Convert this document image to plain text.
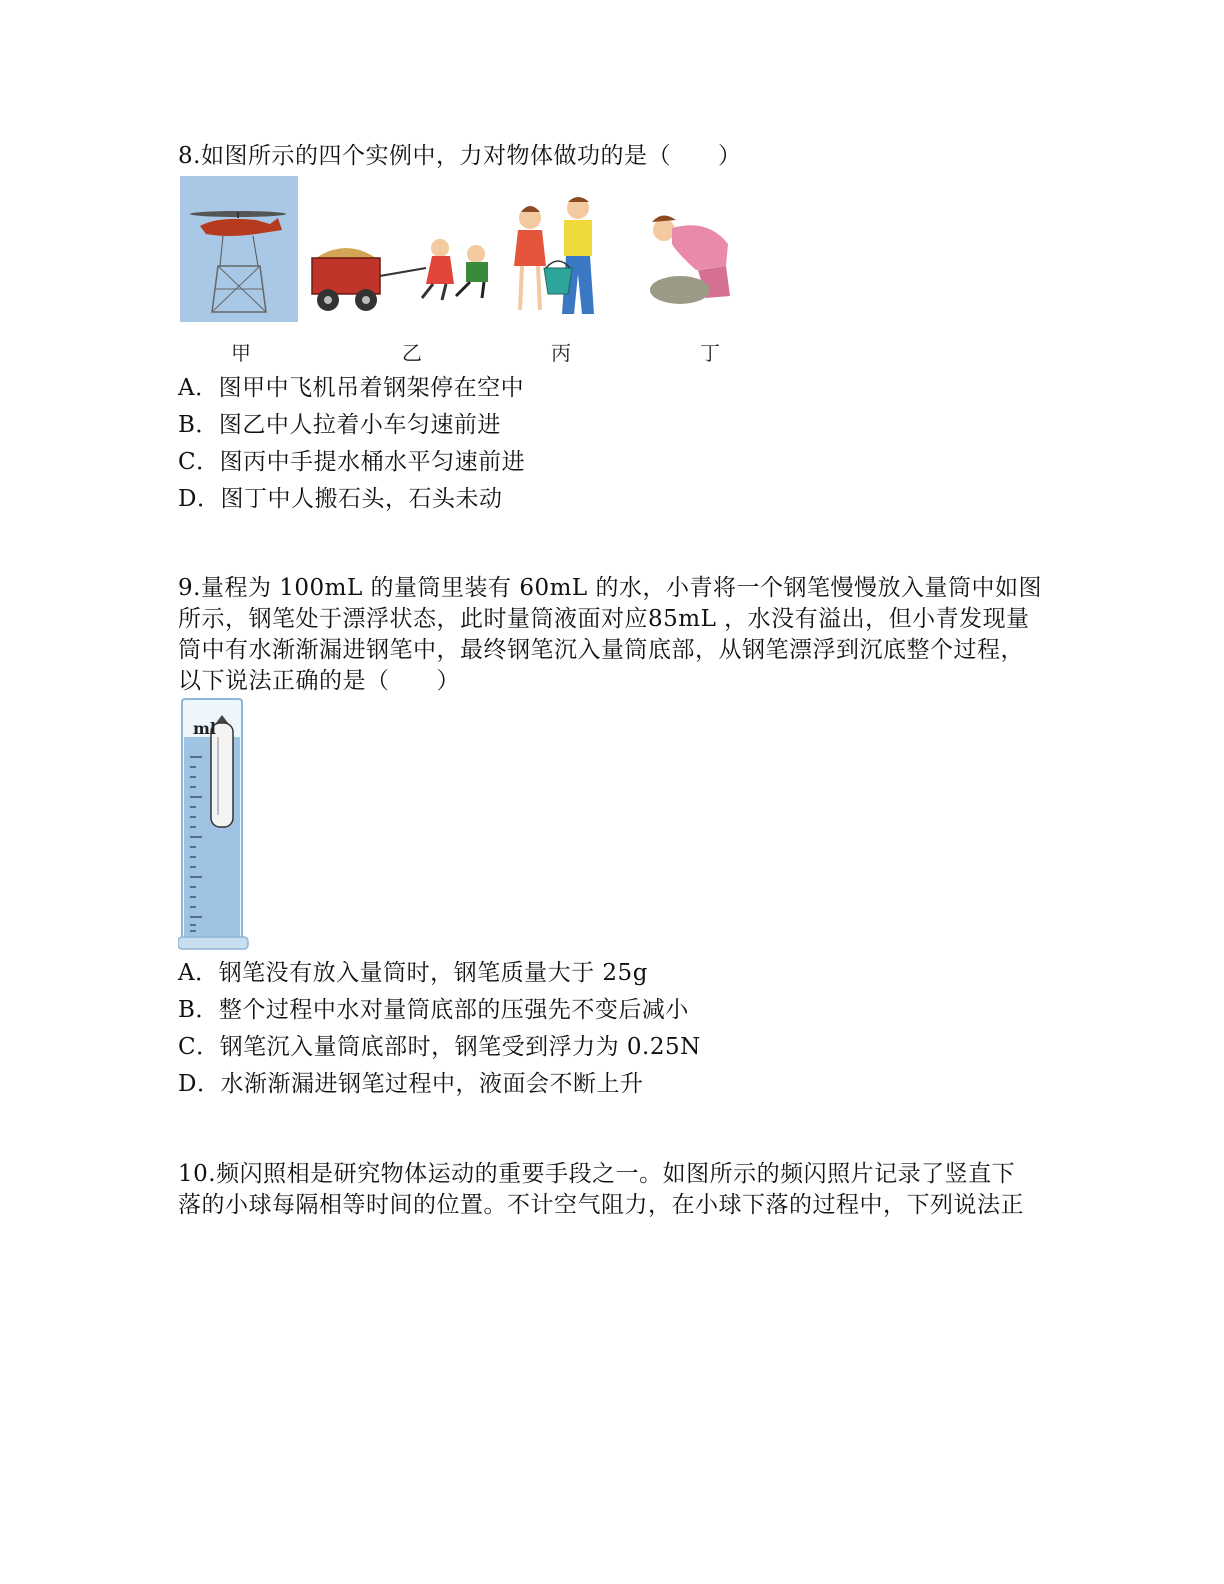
8.如图所示的四个实例中，力对物体做功的是（　　）
甲	乙	丙	丁
A．图甲中飞机吊着钢架停在空中
B．图乙中人拉着小车匀速前进
C．图丙中手提水桶水平匀速前进
D．图丁中人搬石头，石头未动
9.量程为 100mL 的量筒里装有 60mL 的水，小青将一个钢笔慢慢放入量筒中如图
所示，钢笔处于漂浮状态，此时量筒液面对应85mL ，水没有溢出，但小青发现量
筒中有水渐渐漏进钢笔中，最终钢笔沉入量筒底部，从钢笔漂浮到沉底整个过程，
以下说法正确的是（　　）
ml
A．钢笔没有放入量筒时，钢笔质量大于 25g
B．整个过程中水对量筒底部的压强先不变后减小
C．钢笔沉入量筒底部时，钢笔受到浮力为 0.25N
D．水渐渐漏进钢笔过程中，液面会不断上升
10.频闪照相是研究物体运动的重要手段之一。如图所示的频闪照片记录了竖直下
落的小球每隔相等时间的位置。不计空气阻力，在小球下落的过程中，下列说法正
